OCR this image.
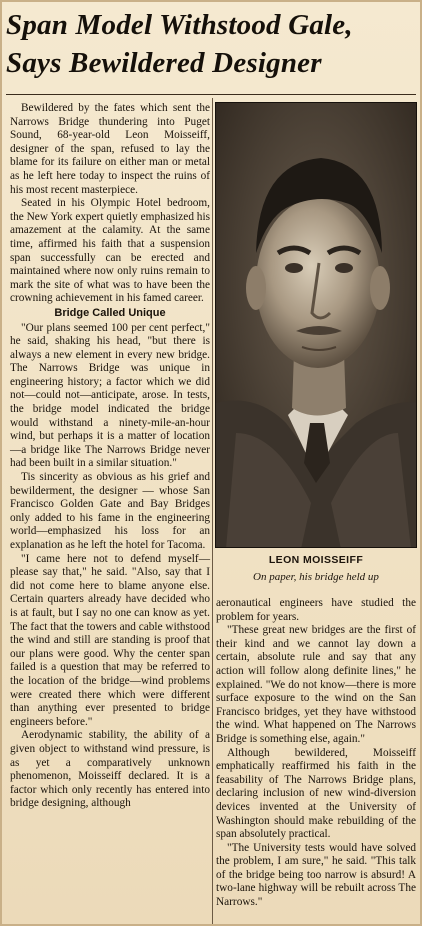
Span Model Withstood Gale,
Says Bewildered Designer

Bewildered by the fates which sent the Narrows Bridge thundering into Puget Sound, 68-year-old Leon Moisseiff, designer of the span, refused to lay the blame for its failure on either man or metal as he left here today to inspect the ruins of his most recent masterpiece.

Seated in his Olympic Hotel bedroom, the New York expert quietly emphasized his amazement at the calamity. At the same time, affirmed his faith that a suspension span successfully can be erected and maintained where now only ruins remain to mark the site of what was to have been the crowning achievement in his famed career.

Bridge Called Unique

"Our plans seemed 100 per cent perfect," he said, shaking his head, "but there is always a new element in every new bridge. The Narrows Bridge was unique in engineering history; a factor which we did not—could not—anticipate, arose. In tests, the bridge model indicated the bridge would withstand a ninety-mile-an-hour wind, but perhaps it is a matter of location—a bridge like The Narrows Bridge never had been built in a similar situation."

Tis sincerity as obvious as his grief and bewilderment, the designer — whose San Francisco Golden Gate and Bay Bridges only added to his fame in the engineering world—emphasized his loss for an explanation as he left the hotel for Tacoma.

"I came here not to defend myself—please say that," he said. "Also, say that I did not come here to blame anyone else. Certain quarters already have decided who is at fault, but I say no one can know as yet. The fact that the towers and cable withstood the wind and still are standing is proof that our plans were good. Why the center span failed is a question that may be referred to the location of the bridge—wind problems were created there which were different than anything ever presented to bridge engineers before."

Aerodynamic stability, the ability of a given object to withstand wind pressure, is as yet a comparatively unknown phenomenon, Moisseiff declared. It is a factor which only recently has entered into bridge designing, although

LEON MOISSEIFF
On paper, his bridge held up

aeronautical engineers have studied the problem for years.

"These great new bridges are the first of their kind and we cannot lay down a certain, absolute rule and say that any action will follow along definite lines," he explained. "We do not know—there is more surface exposure to the wind on the San Francisco bridges, yet they have withstood the wind. What happened on The Narrows Bridge is something else, again."

Although bewildered, Moisseiff emphatically reaffirmed his faith in the feasability of The Narrows Bridge plans, declaring inclusion of new wind-diversion devices invented at the University of Washington should make rebuilding of the span absolutely practical.

"The University tests would have solved the problem, I am sure," he said. "This talk of the bridge being too narrow is absurd! A two-lane highway will be rebuilt across The Narrows."
